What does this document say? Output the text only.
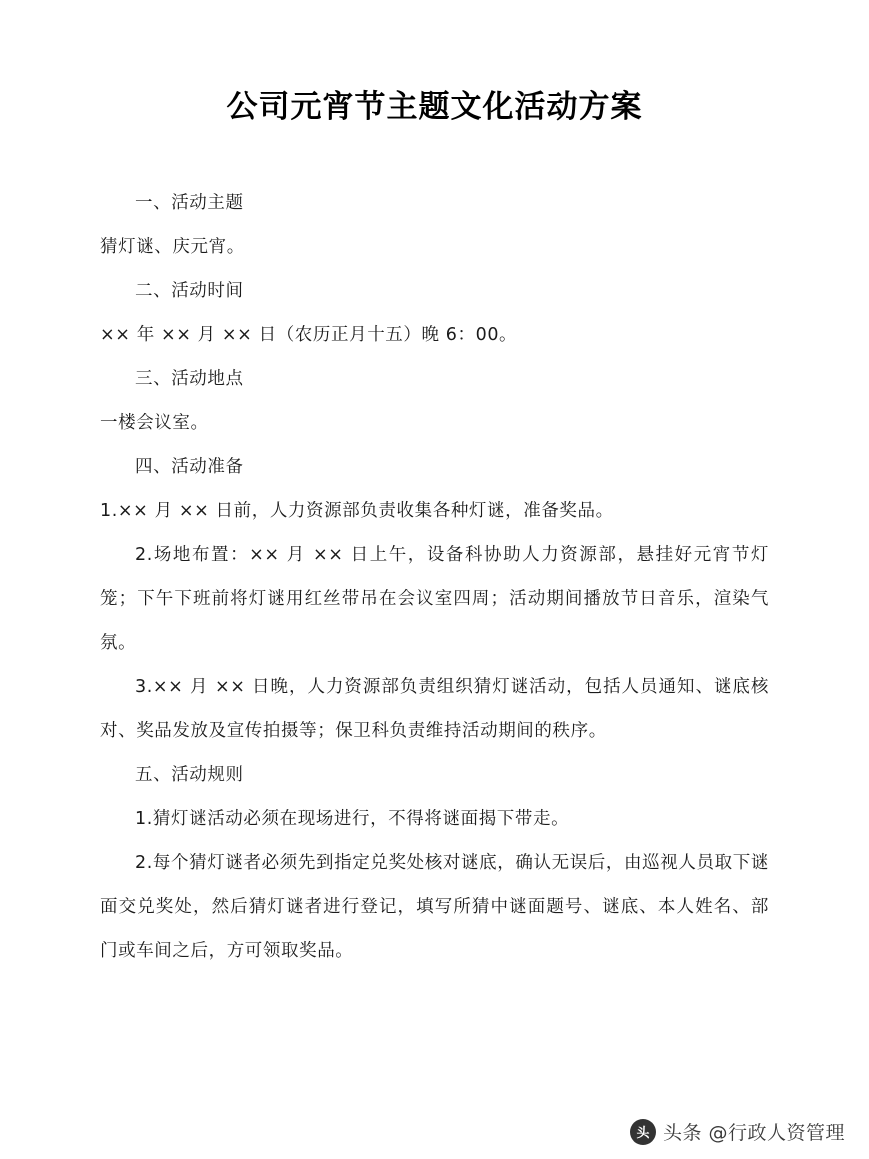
公司元宵节主题文化活动方案

一、活动主题

猜灯谜、庆元宵。

二、活动时间

×× 年 ×× 月 ×× 日（农历正月十五）晚 6：00。

三、活动地点

一楼会议室。

四、活动准备

1.×× 月 ×× 日前，人力资源部负责收集各种灯谜，准备奖品。

2.场地布置：×× 月 ×× 日上午，设备科协助人力资源部，悬挂好元宵节灯笼；下午下班前将灯谜用红丝带吊在会议室四周；活动期间播放节日音乐，渲染气氛。

3.×× 月 ×× 日晚，人力资源部负责组织猜灯谜活动，包括人员通知、谜底核对、奖品发放及宣传拍摄等；保卫科负责维持活动期间的秩序。

五、活动规则

1.猜灯谜活动必须在现场进行，不得将谜面揭下带走。

2.每个猜灯谜者必须先到指定兑奖处核对谜底，确认无误后，由巡视人员取下谜面交兑奖处，然后猜灯谜者进行登记，填写所猜中谜面题号、谜底、本人姓名、部门或车间之后，方可领取奖品。

头 头条 @行政人资管理
